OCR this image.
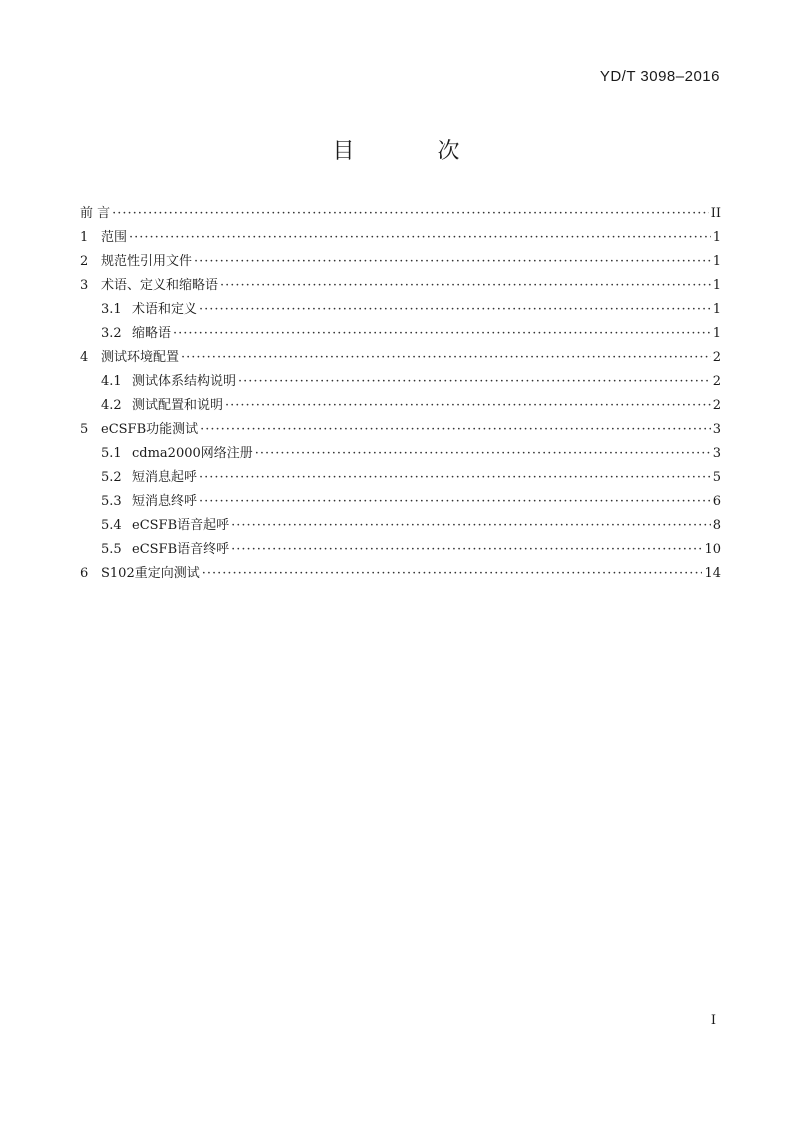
YD/T 3098–2016
目 次
前 言 ·····	II
1 范围 ·····	1
2 规范性引用文件 ·····	1
3 术语、定义和缩略语 ·····	1
3.1 术语和定义 ·····	1
3.2 缩略语 ·····	1
4 测试环境配置 ·····	2
4.1 测试体系结构说明 ·····	2
4.2 测试配置和说明 ·····	2
5 eCSFB功能测试 ·····	3
5.1 cdma2000网络注册 ·····	3
5.2 短消息起呼 ·····	5
5.3 短消息终呼 ·····	6
5.4 eCSFB语音起呼 ·····	8
5.5 eCSFB语音终呼 ·····	10
6 S102重定向测试 ·····	14
I
